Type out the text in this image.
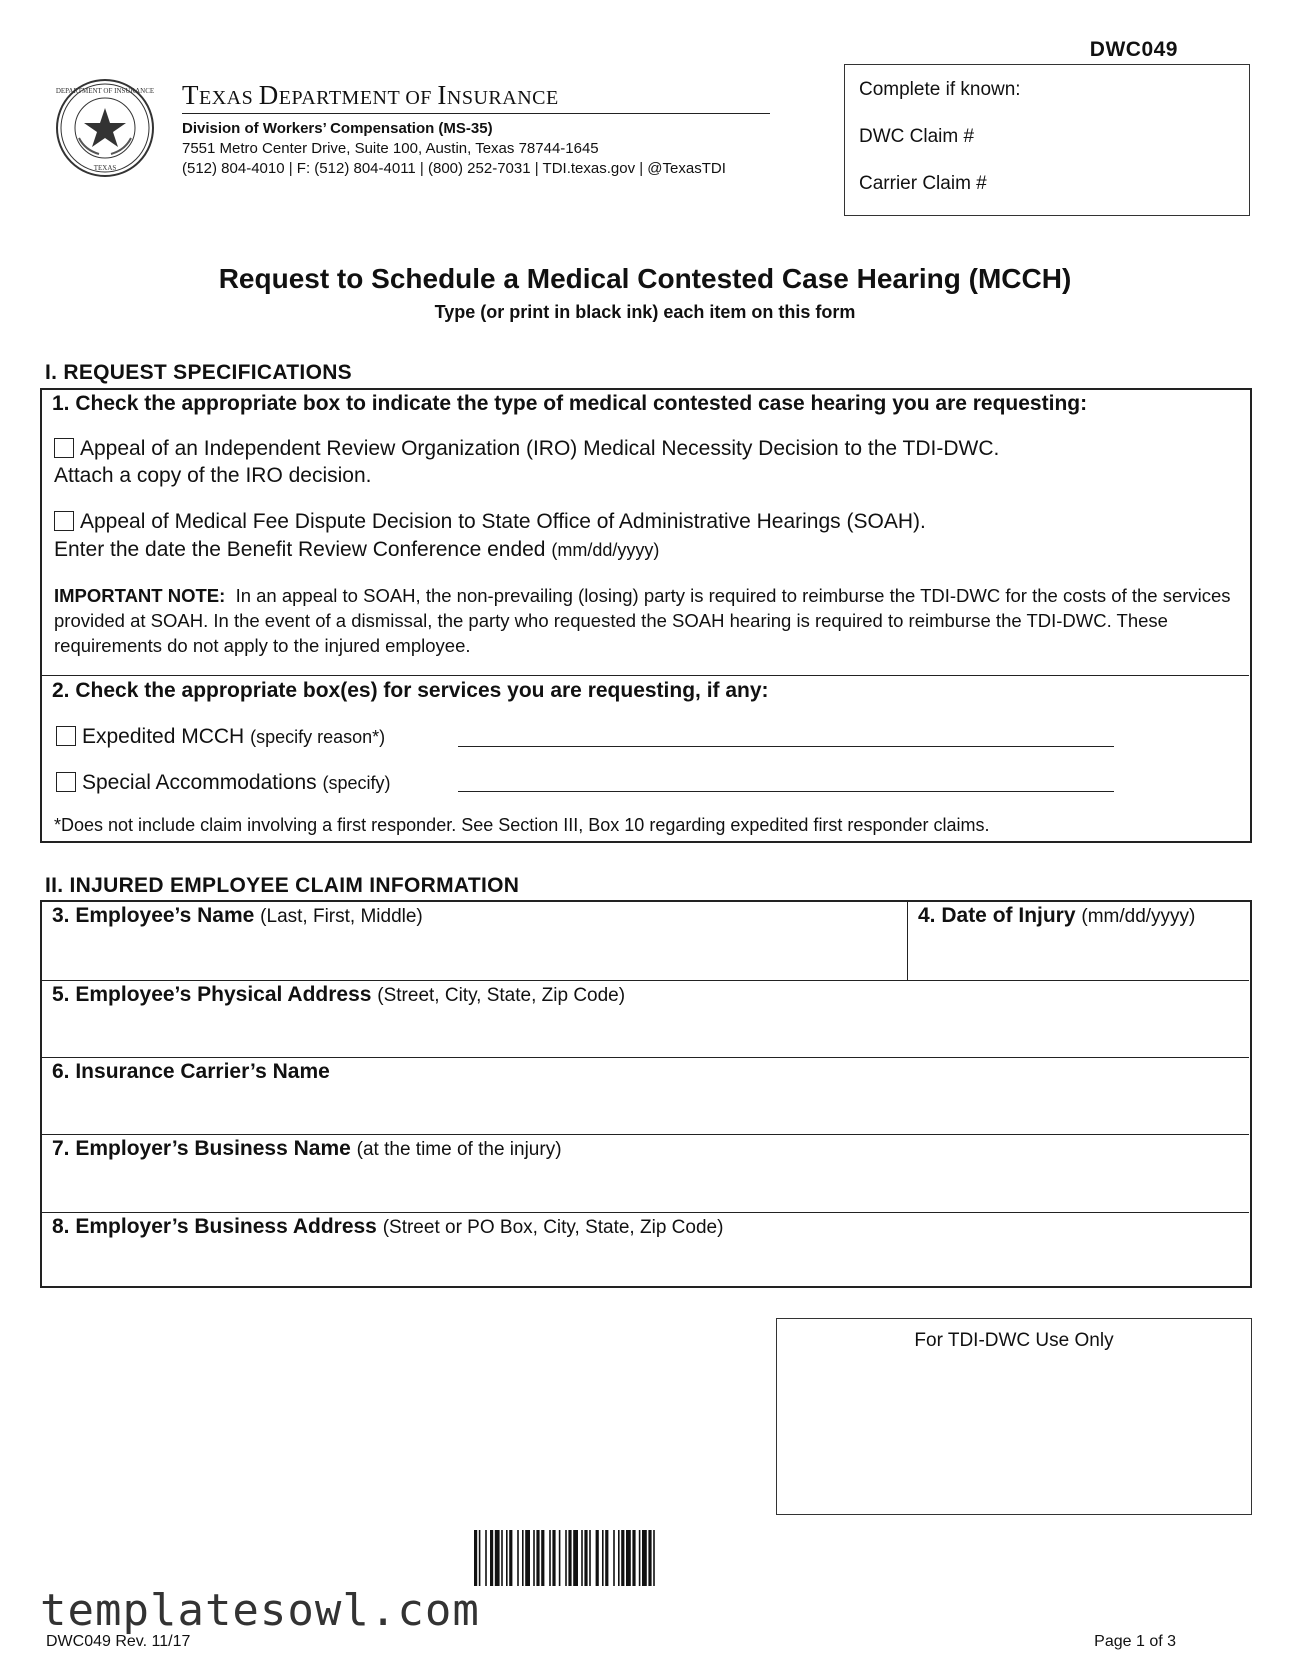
DWC049
DEPARTMENT OF INSURANCE
TEXAS
TEXAS DEPARTMENT OF INSURANCE
Division of Workers’ Compensation (MS-35)
7551 Metro Center Drive, Suite 100, Austin, Texas 78744-1645
(512) 804-4010 | F: (512) 804-4011 | (800) 252-7031 | TDI.texas.gov | @TexasTDI
Complete if known:
DWC Claim #
Carrier Claim #
Request to Schedule a Medical Contested Case Hearing (MCCH)
Type (or print in black ink) each item on this form
I. REQUEST SPECIFICATIONS
1. Check the appropriate box to indicate the type of medical contested case hearing you are requesting:
Appeal of an Independent Review Organization (IRO) Medical Necessity Decision to the TDI-DWC.
Attach a copy of the IRO decision.
Appeal of Medical Fee Dispute Decision to State Office of Administrative Hearings (SOAH).
Enter the date the Benefit Review Conference ended (mm/dd/yyyy)
IMPORTANT NOTE: In an appeal to SOAH, the non-prevailing (losing) party is required to reimburse the TDI-DWC for the costs of the services provided at SOAH. In the event of a dismissal, the party who requested the SOAH hearing is required to reimburse the TDI-DWC. These requirements do not apply to the injured employee.
2. Check the appropriate box(es) for services you are requesting, if any:
Expedited MCCH (specify reason*)
Special Accommodations (specify)
*Does not include claim involving a first responder. See Section III, Box 10 regarding expedited first responder claims.
II. INJURED EMPLOYEE CLAIM INFORMATION
3. Employee’s Name (Last, First, Middle)	4. Date of Injury (mm/dd/yyyy)
5. Employee’s Physical Address (Street, City, State, Zip Code)
6. Insurance Carrier’s Name
7. Employer’s Business Name (at the time of the injury)
8. Employer’s Business Address (Street or PO Box, City, State, Zip Code)
For TDI-DWC Use Only
DWC049 Rev. 11/17	Page 1 of 3
templatesowl.com
